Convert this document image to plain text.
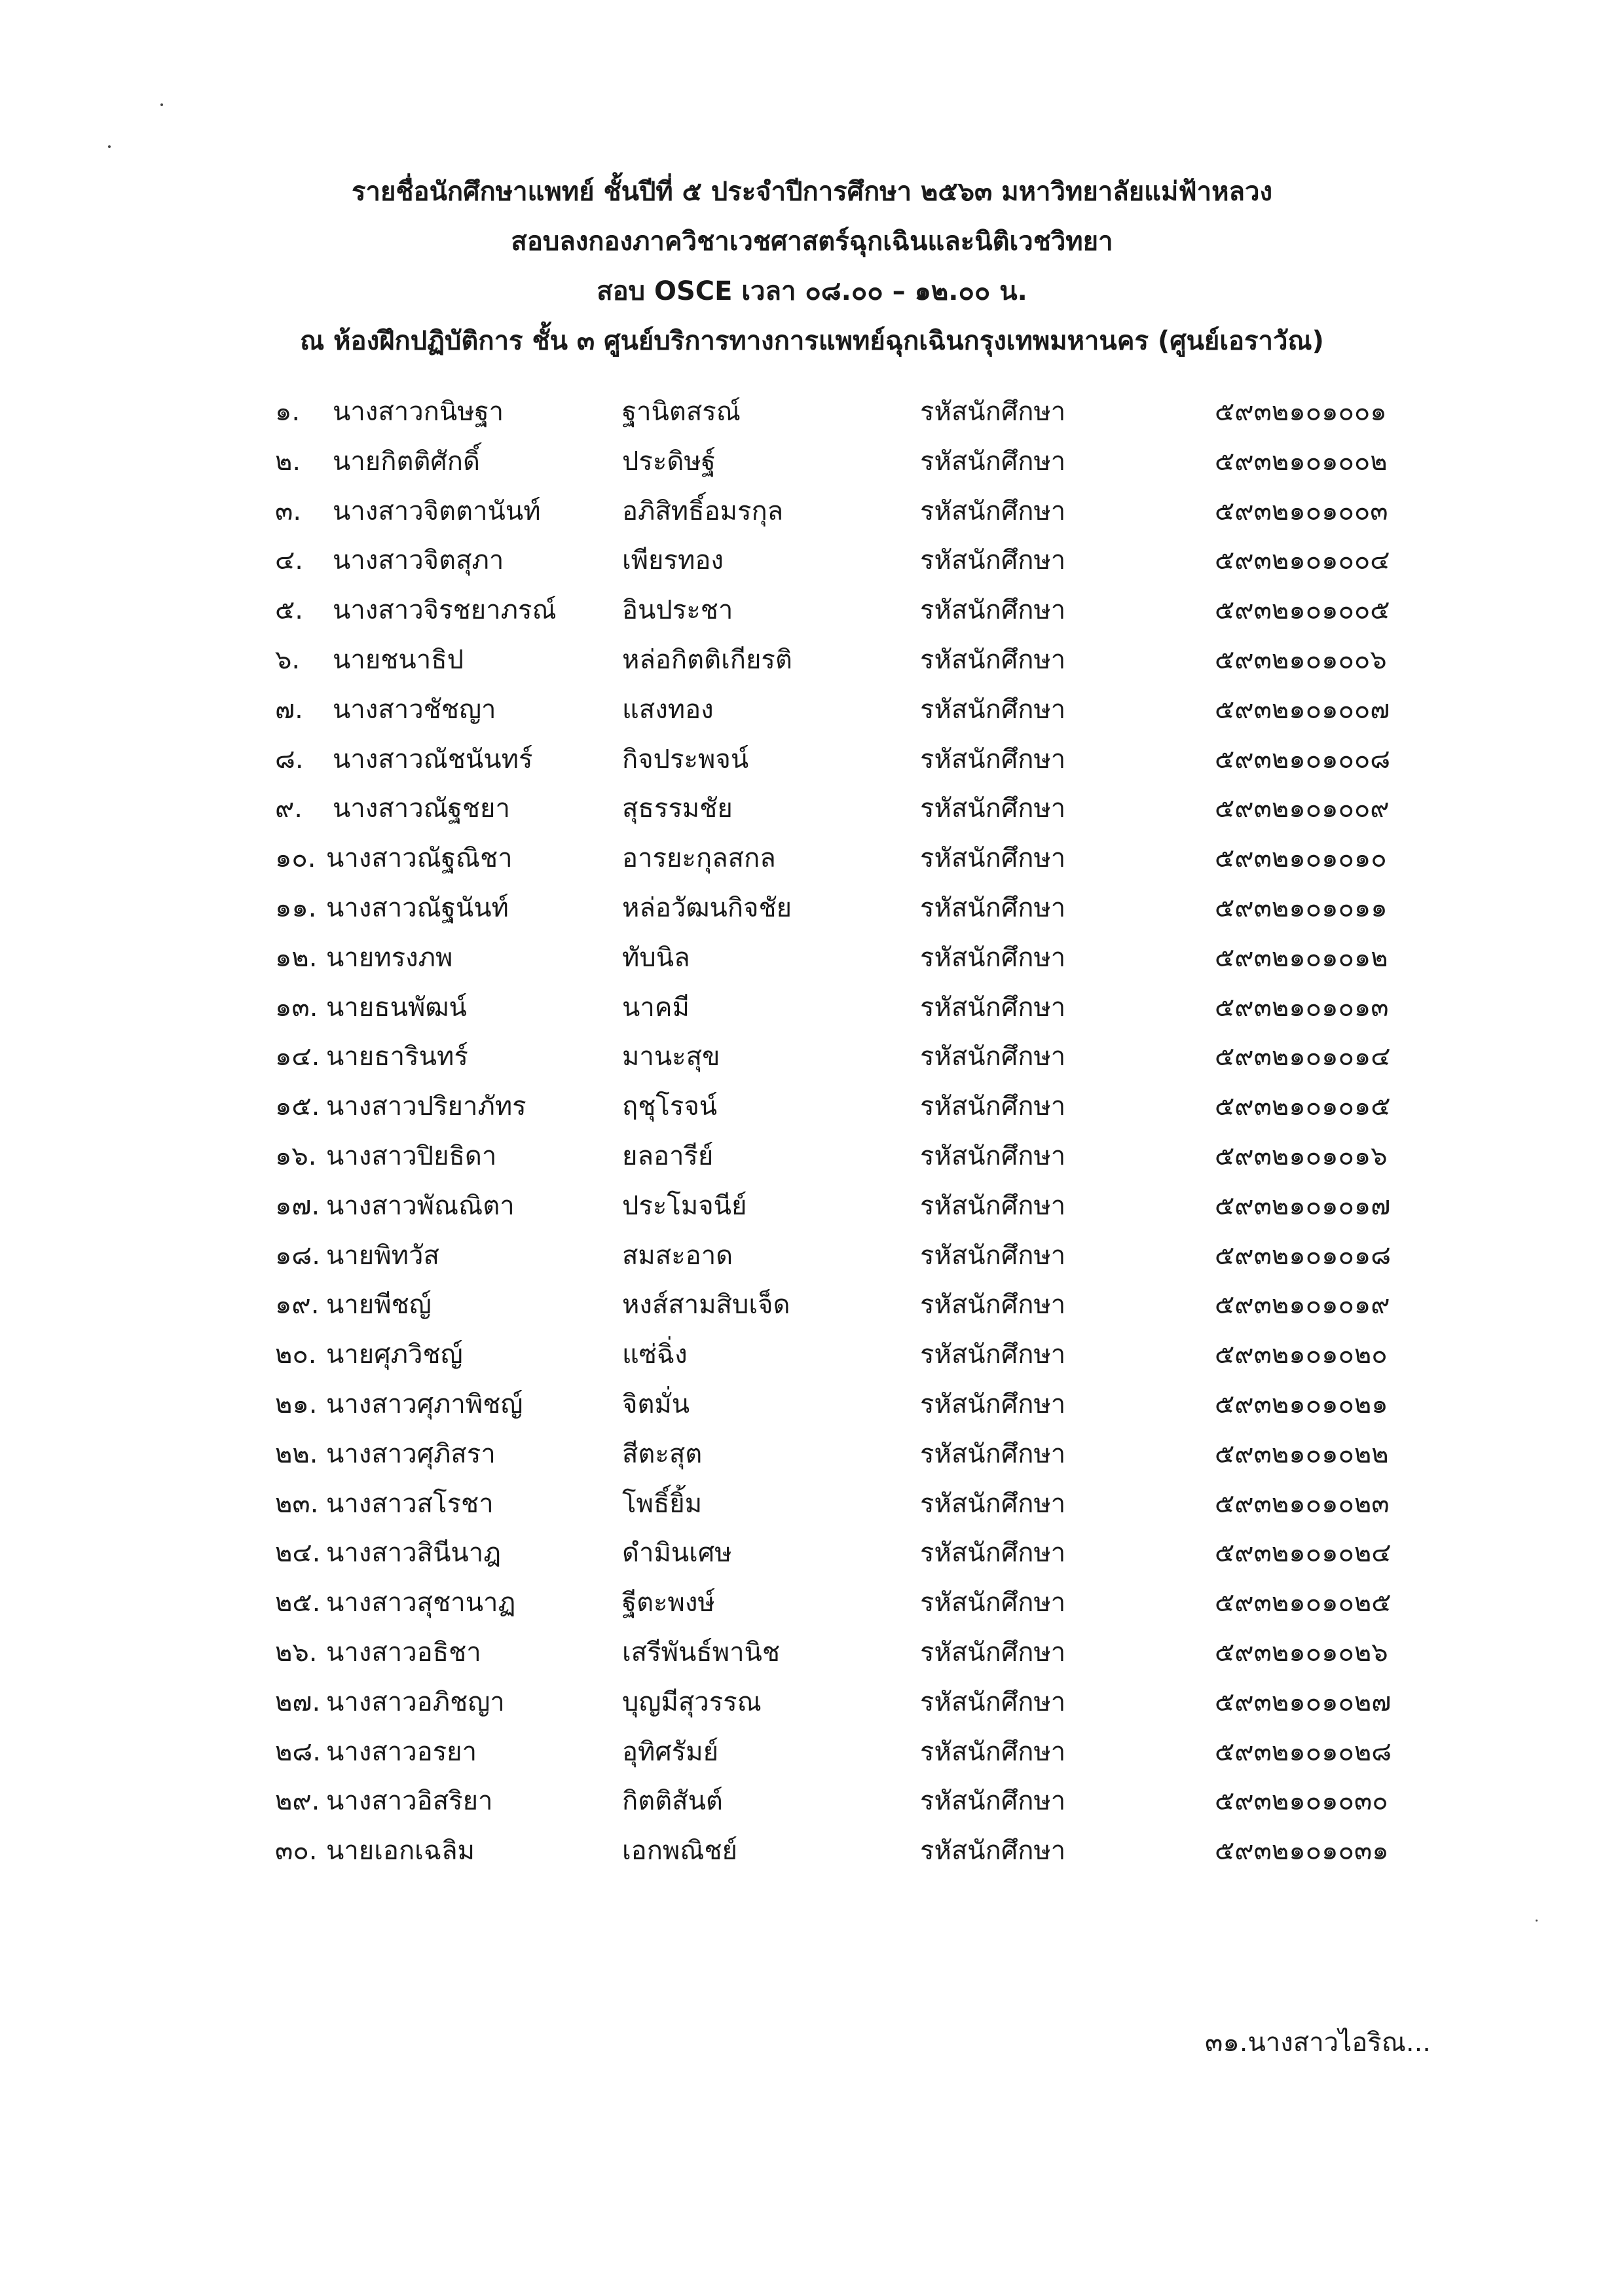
รายชื่อนักศึกษาแพทย์ ชั้นปีที่ ๕ ประจำปีการศึกษา ๒๕๖๓ มหาวิทยาลัยแม่ฟ้าหลวง
สอบลงกองภาควิชาเวชศาสตร์ฉุกเฉินและนิติเวชวิทยา
สอบ OSCE เวลา ๐๘.๐๐ – ๑๒.๐๐ น.
ณ ห้องฝึกปฏิบัติการ ชั้น ๓ ศูนย์บริการทางการแพทย์ฉุกเฉินกรุงเทพมหานคร (ศูนย์เอราวัณ)
๑. นางสาวกนิษฐา	ฐานิตสรณ์	รหัสนักศึกษา	๕๙๓๒๑๐๑๐๐๑
๒. นายกิตติศักดิ์	ประดิษฐ์	รหัสนักศึกษา	๕๙๓๒๑๐๑๐๐๒
๓. นางสาวจิตตานันท์	อภิสิทธิ์อมรกุล	รหัสนักศึกษา	๕๙๓๒๑๐๑๐๐๓
๔. นางสาวจิตสุภา	เพียรทอง	รหัสนักศึกษา	๕๙๓๒๑๐๑๐๐๔
๕. นางสาวจิรชยาภรณ์	อินประชา	รหัสนักศึกษา	๕๙๓๒๑๐๑๐๐๕
๖. นายชนาธิป	หล่อกิตติเกียรติ	รหัสนักศึกษา	๕๙๓๒๑๐๑๐๐๖
๗. นางสาวชัชญา	แสงทอง	รหัสนักศึกษา	๕๙๓๒๑๐๑๐๐๗
๘. นางสาวณัชนันทร์	กิจประพจน์	รหัสนักศึกษา	๕๙๓๒๑๐๑๐๐๘
๙. นางสาวณัฐชยา	สุธรรมชัย	รหัสนักศึกษา	๕๙๓๒๑๐๑๐๐๙
๑๐. นางสาวณัฐณิชา	อารยะกุลสกล	รหัสนักศึกษา	๕๙๓๒๑๐๑๐๑๐
๑๑. นางสาวณัฐนันท์	หล่อวัฒนกิจชัย	รหัสนักศึกษา	๕๙๓๒๑๐๑๐๑๑
๑๒. นายทรงภพ	ทับนิล	รหัสนักศึกษา	๕๙๓๒๑๐๑๐๑๒
๑๓. นายธนพัฒน์	นาคมี	รหัสนักศึกษา	๕๙๓๒๑๐๑๐๑๓
๑๔. นายธารินทร์	มานะสุข	รหัสนักศึกษา	๕๙๓๒๑๐๑๐๑๔
๑๕. นางสาวปริยาภัทร	ฤชุโรจน์	รหัสนักศึกษา	๕๙๓๒๑๐๑๐๑๕
๑๖. นางสาวปิยธิดา	ยลอารีย์	รหัสนักศึกษา	๕๙๓๒๑๐๑๐๑๖
๑๗. นางสาวพัณณิตา	ประโมจนีย์	รหัสนักศึกษา	๕๙๓๒๑๐๑๐๑๗
๑๘. นายพิทวัส	สมสะอาด	รหัสนักศึกษา	๕๙๓๒๑๐๑๐๑๘
๑๙. นายพีชญ์	หงส์สามสิบเจ็ด	รหัสนักศึกษา	๕๙๓๒๑๐๑๐๑๙
๒๐. นายศุภวิชญ์	แซ่ฉิ่ง	รหัสนักศึกษา	๕๙๓๒๑๐๑๐๒๐
๒๑. นางสาวศุภาพิชญ์	จิตมั่น	รหัสนักศึกษา	๕๙๓๒๑๐๑๐๒๑
๒๒. นางสาวศุภิสรา	สีตะสุต	รหัสนักศึกษา	๕๙๓๒๑๐๑๐๒๒
๒๓. นางสาวสโรชา	โพธิ์ยิ้ม	รหัสนักศึกษา	๕๙๓๒๑๐๑๐๒๓
๒๔. นางสาวสินีนาฎ	ดำมินเศษ	รหัสนักศึกษา	๕๙๓๒๑๐๑๐๒๔
๒๕. นางสาวสุชานาฏ	ฐีตะพงษ์	รหัสนักศึกษา	๕๙๓๒๑๐๑๐๒๕
๒๖. นางสาวอธิชา	เสรีพันธ์พานิช	รหัสนักศึกษา	๕๙๓๒๑๐๑๐๒๖
๒๗. นางสาวอภิชญา	บุญมีสุวรรณ	รหัสนักศึกษา	๕๙๓๒๑๐๑๐๒๗
๒๘. นางสาวอรยา	อุทิศรัมย์	รหัสนักศึกษา	๕๙๓๒๑๐๑๐๒๘
๒๙. นางสาวอิสริยา	กิตติสันต์	รหัสนักศึกษา	๕๙๓๒๑๐๑๐๓๐
๓๐. นายเอกเฉลิม	เอกพณิชย์	รหัสนักศึกษา	๕๙๓๒๑๐๑๐๓๑
๓๑.นางสาวไอริณ...
